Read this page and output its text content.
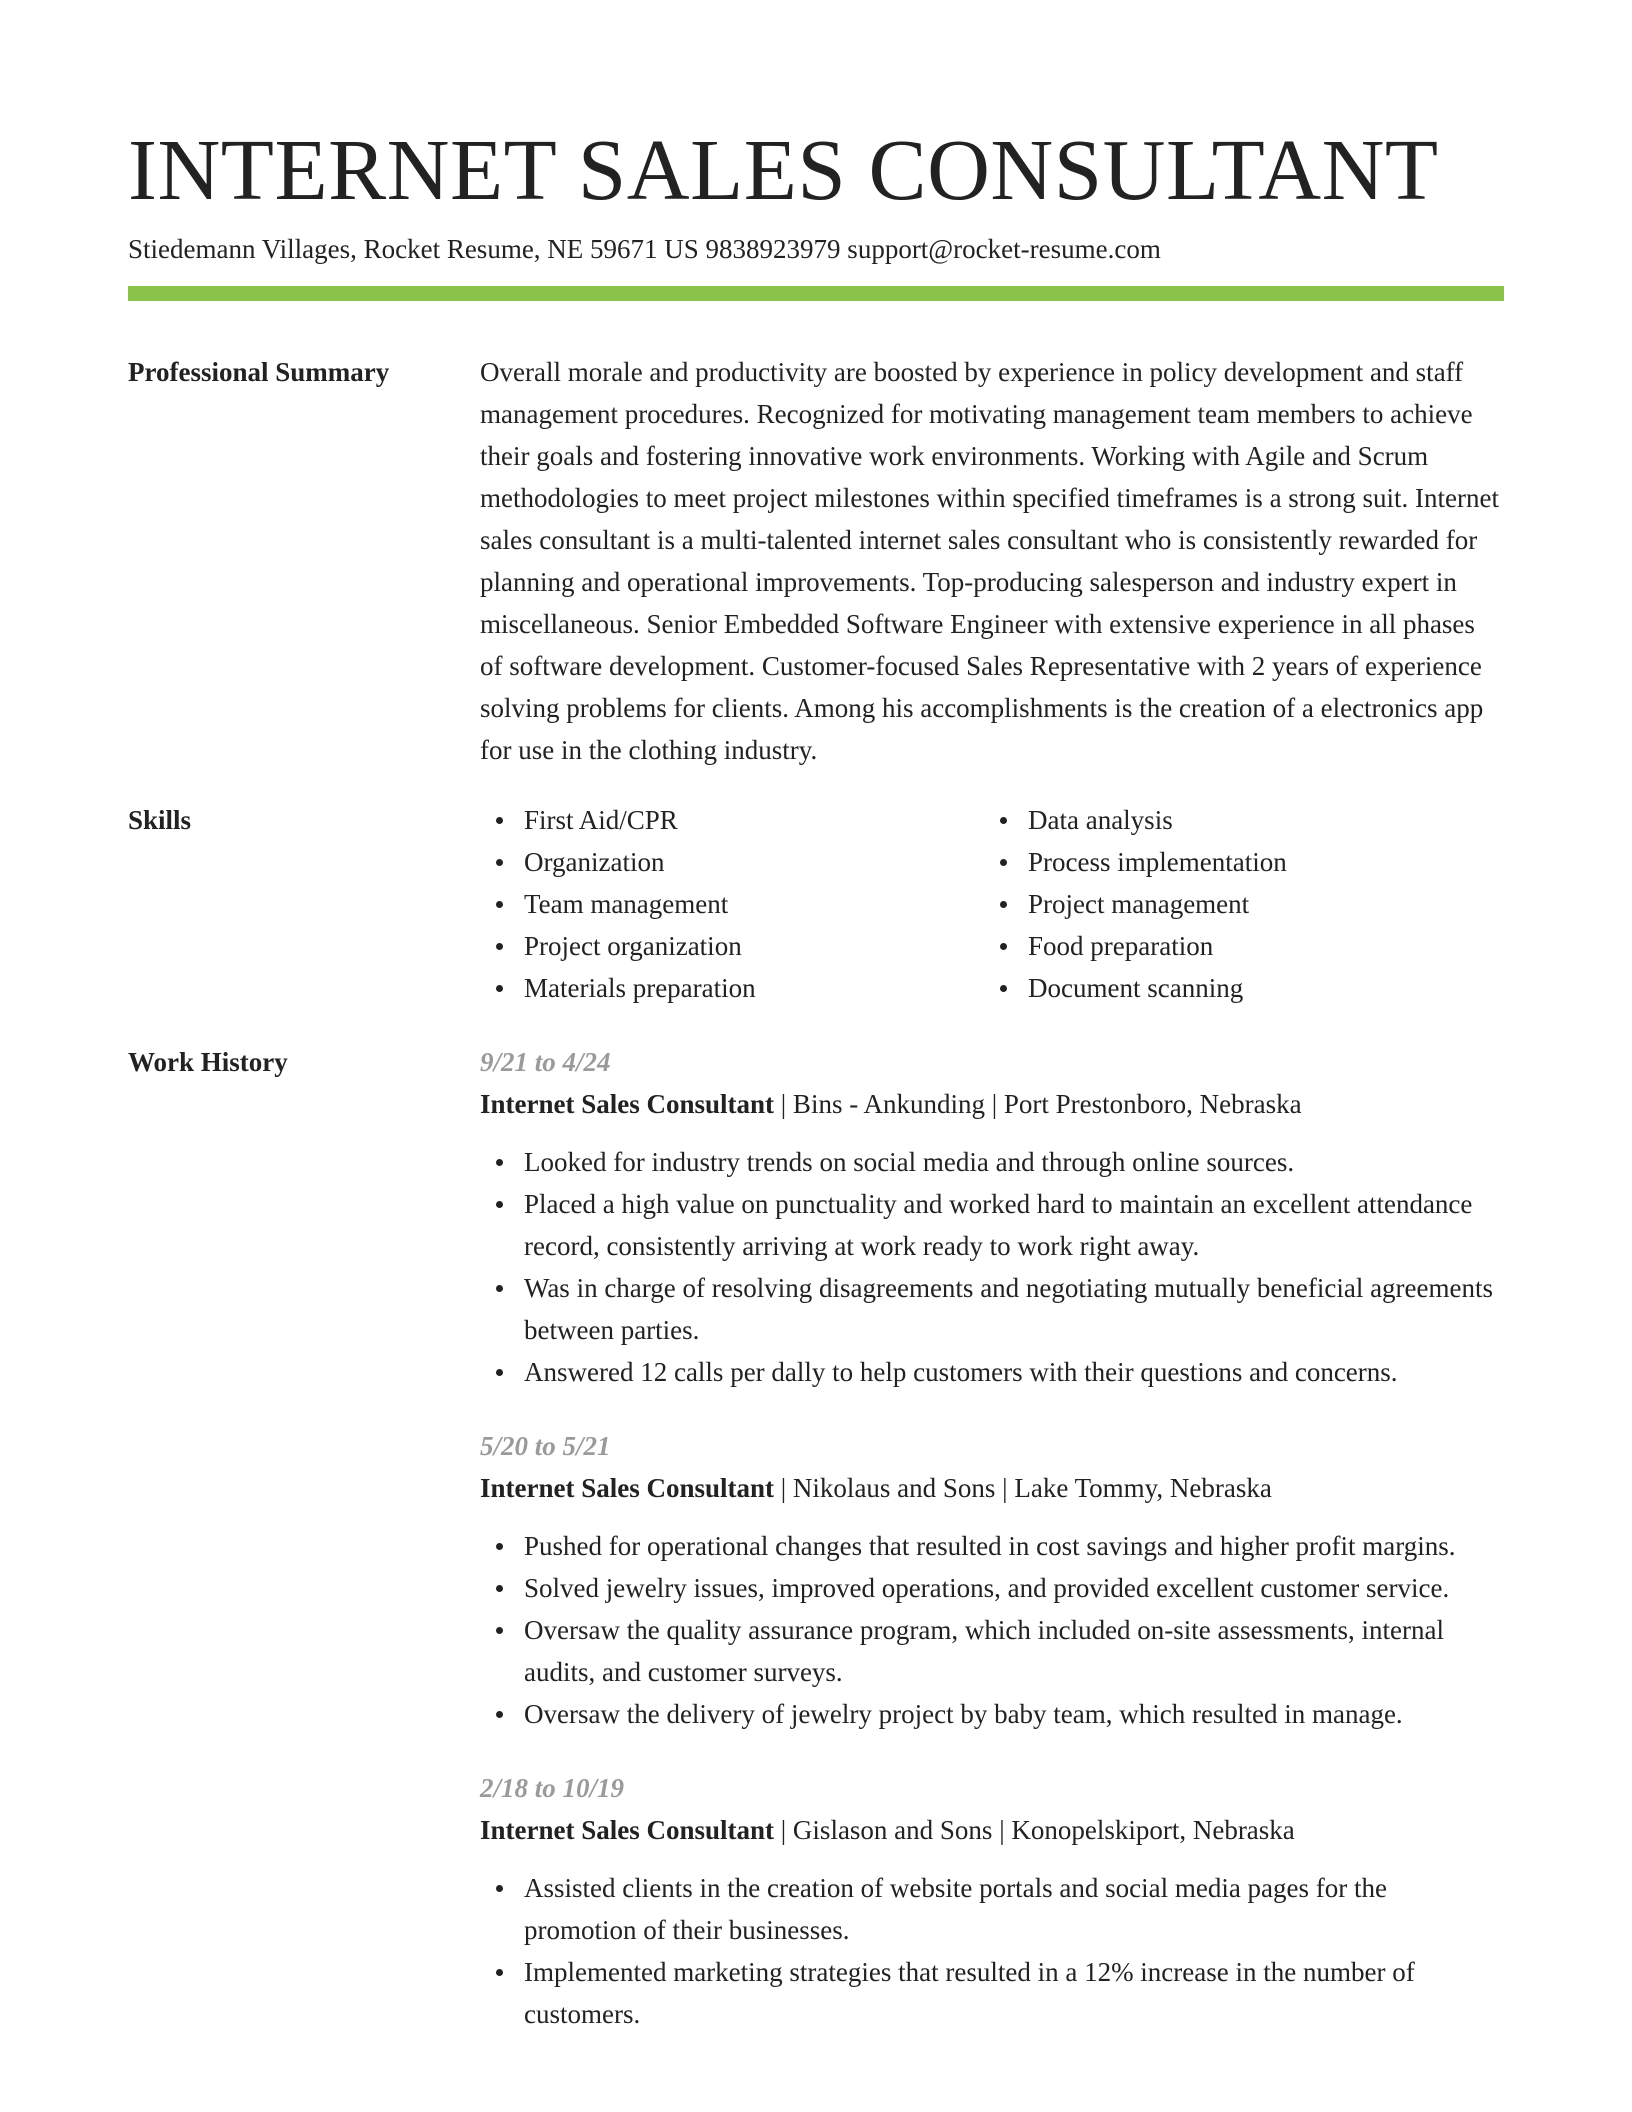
INTERNET SALES CONSULTANT
Stiedemann Villages, Rocket Resume, NE 59671 US 9838923979 support@rocket-resume.com
Professional Summary	Overall morale and productivity are boosted by experience in policy development and staff management procedures. Recognized for motivating management team members to achieve their goals and fostering innovative work environments. Working with Agile and Scrum methodologies to meet project milestones within specified timeframes is a strong suit. Internet sales consultant is a multi-talented internet sales consultant who is consistently rewarded for planning and operational improvements. Top-producing salesperson and industry expert in miscellaneous. Senior Embedded Software Engineer with extensive experience in all phases of software development. Customer-focused Sales Representative with 2 years of experience solving problems for clients. Among his accomplishments is the creation of a electronics app for use in the clothing industry.

Skills	First Aid/CPR
Organization
Team management
Project organization
Materials preparation
Data analysis
Process implementation
Project management
Food preparation
Document scanning
Work History	9/21 to 4/24

Internet Sales Consultant | Bins - Ankunding | Port Prestonboro, Nebraska

Looked for industry trends on social media and through online sources.
Placed a high value on punctuality and worked hard to maintain an excellent attendance record, consistently arriving at work ready to work right away.
Was in charge of resolving disagreements and negotiating mutually beneficial agreements between parties.
Answered 12 calls per dally to help customers with their questions and concerns.

5/20 to 5/21

Internet Sales Consultant | Nikolaus and Sons | Lake Tommy, Nebraska

Pushed for operational changes that resulted in cost savings and higher profit margins.
Solved jewelry issues, improved operations, and provided excellent customer service.
Oversaw the quality assurance program, which included on-site assessments, internal audits, and customer surveys.
Oversaw the delivery of jewelry project by baby team, which resulted in manage.

2/18 to 10/19

Internet Sales Consultant | Gislason and Sons | Konopelskiport, Nebraska

Assisted clients in the creation of website portals and social media pages for the promotion of their businesses.
Implemented marketing strategies that resulted in a 12% increase in the number of customers.
